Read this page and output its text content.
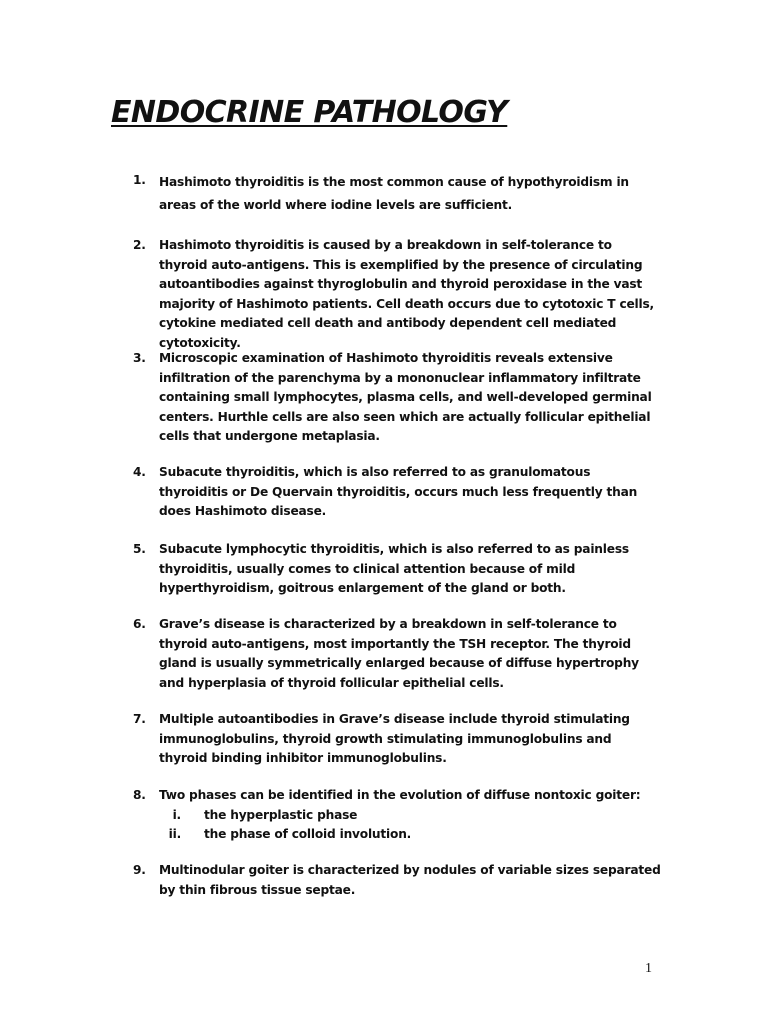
ENDOCRINE PATHOLOGY
1.	Hashimoto thyroiditis is the most common cause of hypothyroidism in areas of the world where iodine levels are sufficient.
2.	Hashimoto thyroiditis is caused by a breakdown in self-tolerance to thyroid auto-antigens. This is exemplified by the presence of circulating autoantibodies against thyroglobulin and thyroid peroxidase in the vast majority of Hashimoto patients. Cell death occurs due to cytotoxic T cells, cytokine mediated cell death and antibody dependent cell mediated cytotoxicity.
3.	Microscopic examination of Hashimoto thyroiditis reveals extensive infiltration of the parenchyma by a mononuclear inflammatory infiltrate containing small lymphocytes, plasma cells, and well-developed germinal centers. Hurthle cells are also seen which are actually follicular epithelial cells that undergone metaplasia.
4.	Subacute thyroiditis, which is also referred to as granulomatous thyroiditis or De Quervain thyroiditis, occurs much less frequently than does Hashimoto disease.
5.	Subacute lymphocytic thyroiditis, which is also referred to as painless thyroiditis, usually comes to clinical attention because of mild hyperthyroidism, goitrous enlargement of the gland or both.
6.	Grave’s disease is characterized by a breakdown in self-tolerance to thyroid auto-antigens, most importantly the TSH receptor. The thyroid gland is usually symmetrically enlarged because of diffuse hypertrophy and hyperplasia of thyroid follicular epithelial cells.
7.	Multiple autoantibodies in Grave’s disease include thyroid stimulating immunoglobulins, thyroid growth stimulating immunoglobulins and thyroid binding inhibitor immunoglobulins.
8.	Two phases can be identified in the evolution of diffuse nontoxic goiter:
i. the hyperplastic phase
ii. the phase of colloid involution.
9.	Multinodular goiter is characterized by nodules of variable sizes separated by thin fibrous tissue septae.
1
